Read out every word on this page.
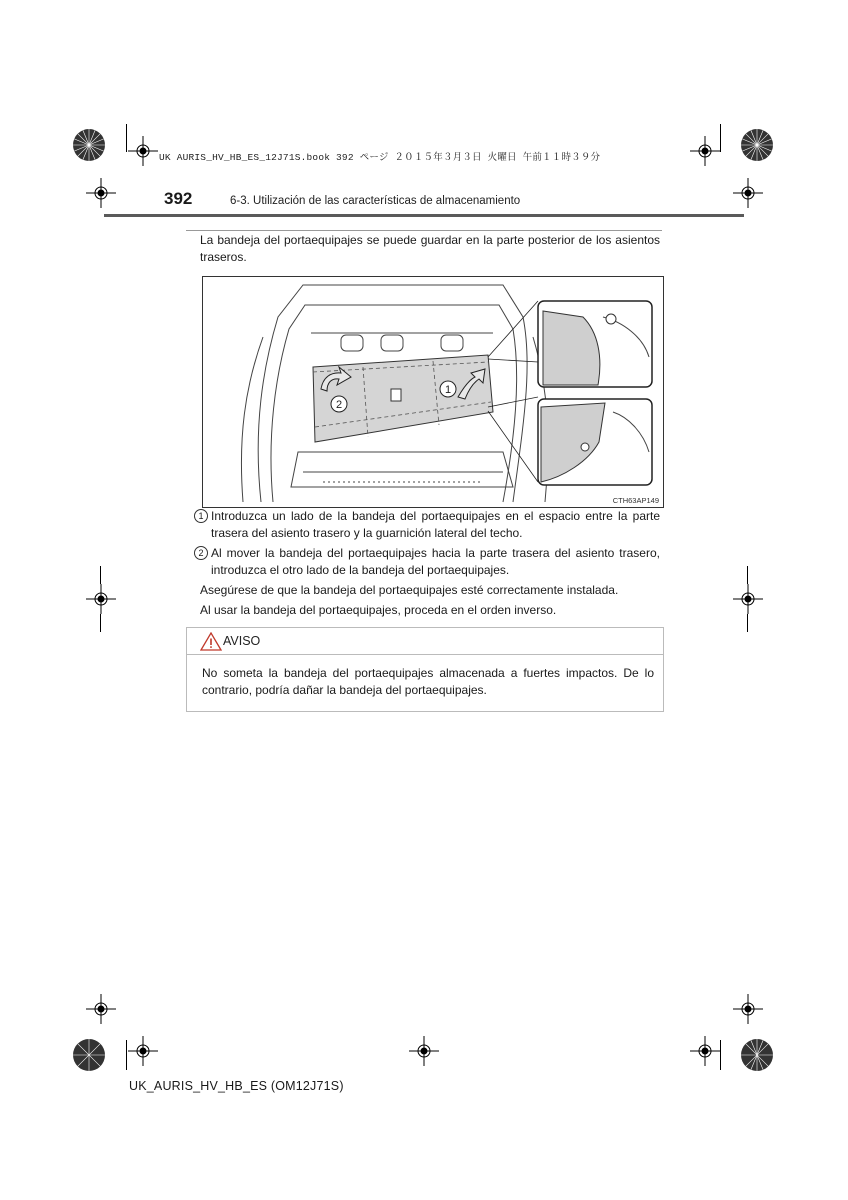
UK AURIS_HV_HB_ES_12J71S.book 392 ページ ２０１５年３月３日 火曜日 午前１１時３９分
392	6-3. Utilización de las características de almacenamiento
La bandeja del portaequipajes se puede guardar en la parte posterior de los asientos traseros.
2
1
CTH63AP149
1 Introduzca un lado de la bandeja del portaequipajes en el espacio entre la parte trasera del asiento trasero y la guarnición lateral del techo.
2 Al mover la bandeja del portaequipajes hacia la parte trasera del asiento trasero, introduzca el otro lado de la bandeja del portaequipajes.
Asegúrese de que la bandeja del portaequipajes esté correctamente instalada.
Al usar la bandeja del portaequipajes, proceda en el orden inverso.
AVISO
No someta la bandeja del portaequipajes almacenada a fuertes impactos. De lo contrario, podría dañar la bandeja del portaequipajes.
UK_AURIS_HV_HB_ES (OM12J71S)
